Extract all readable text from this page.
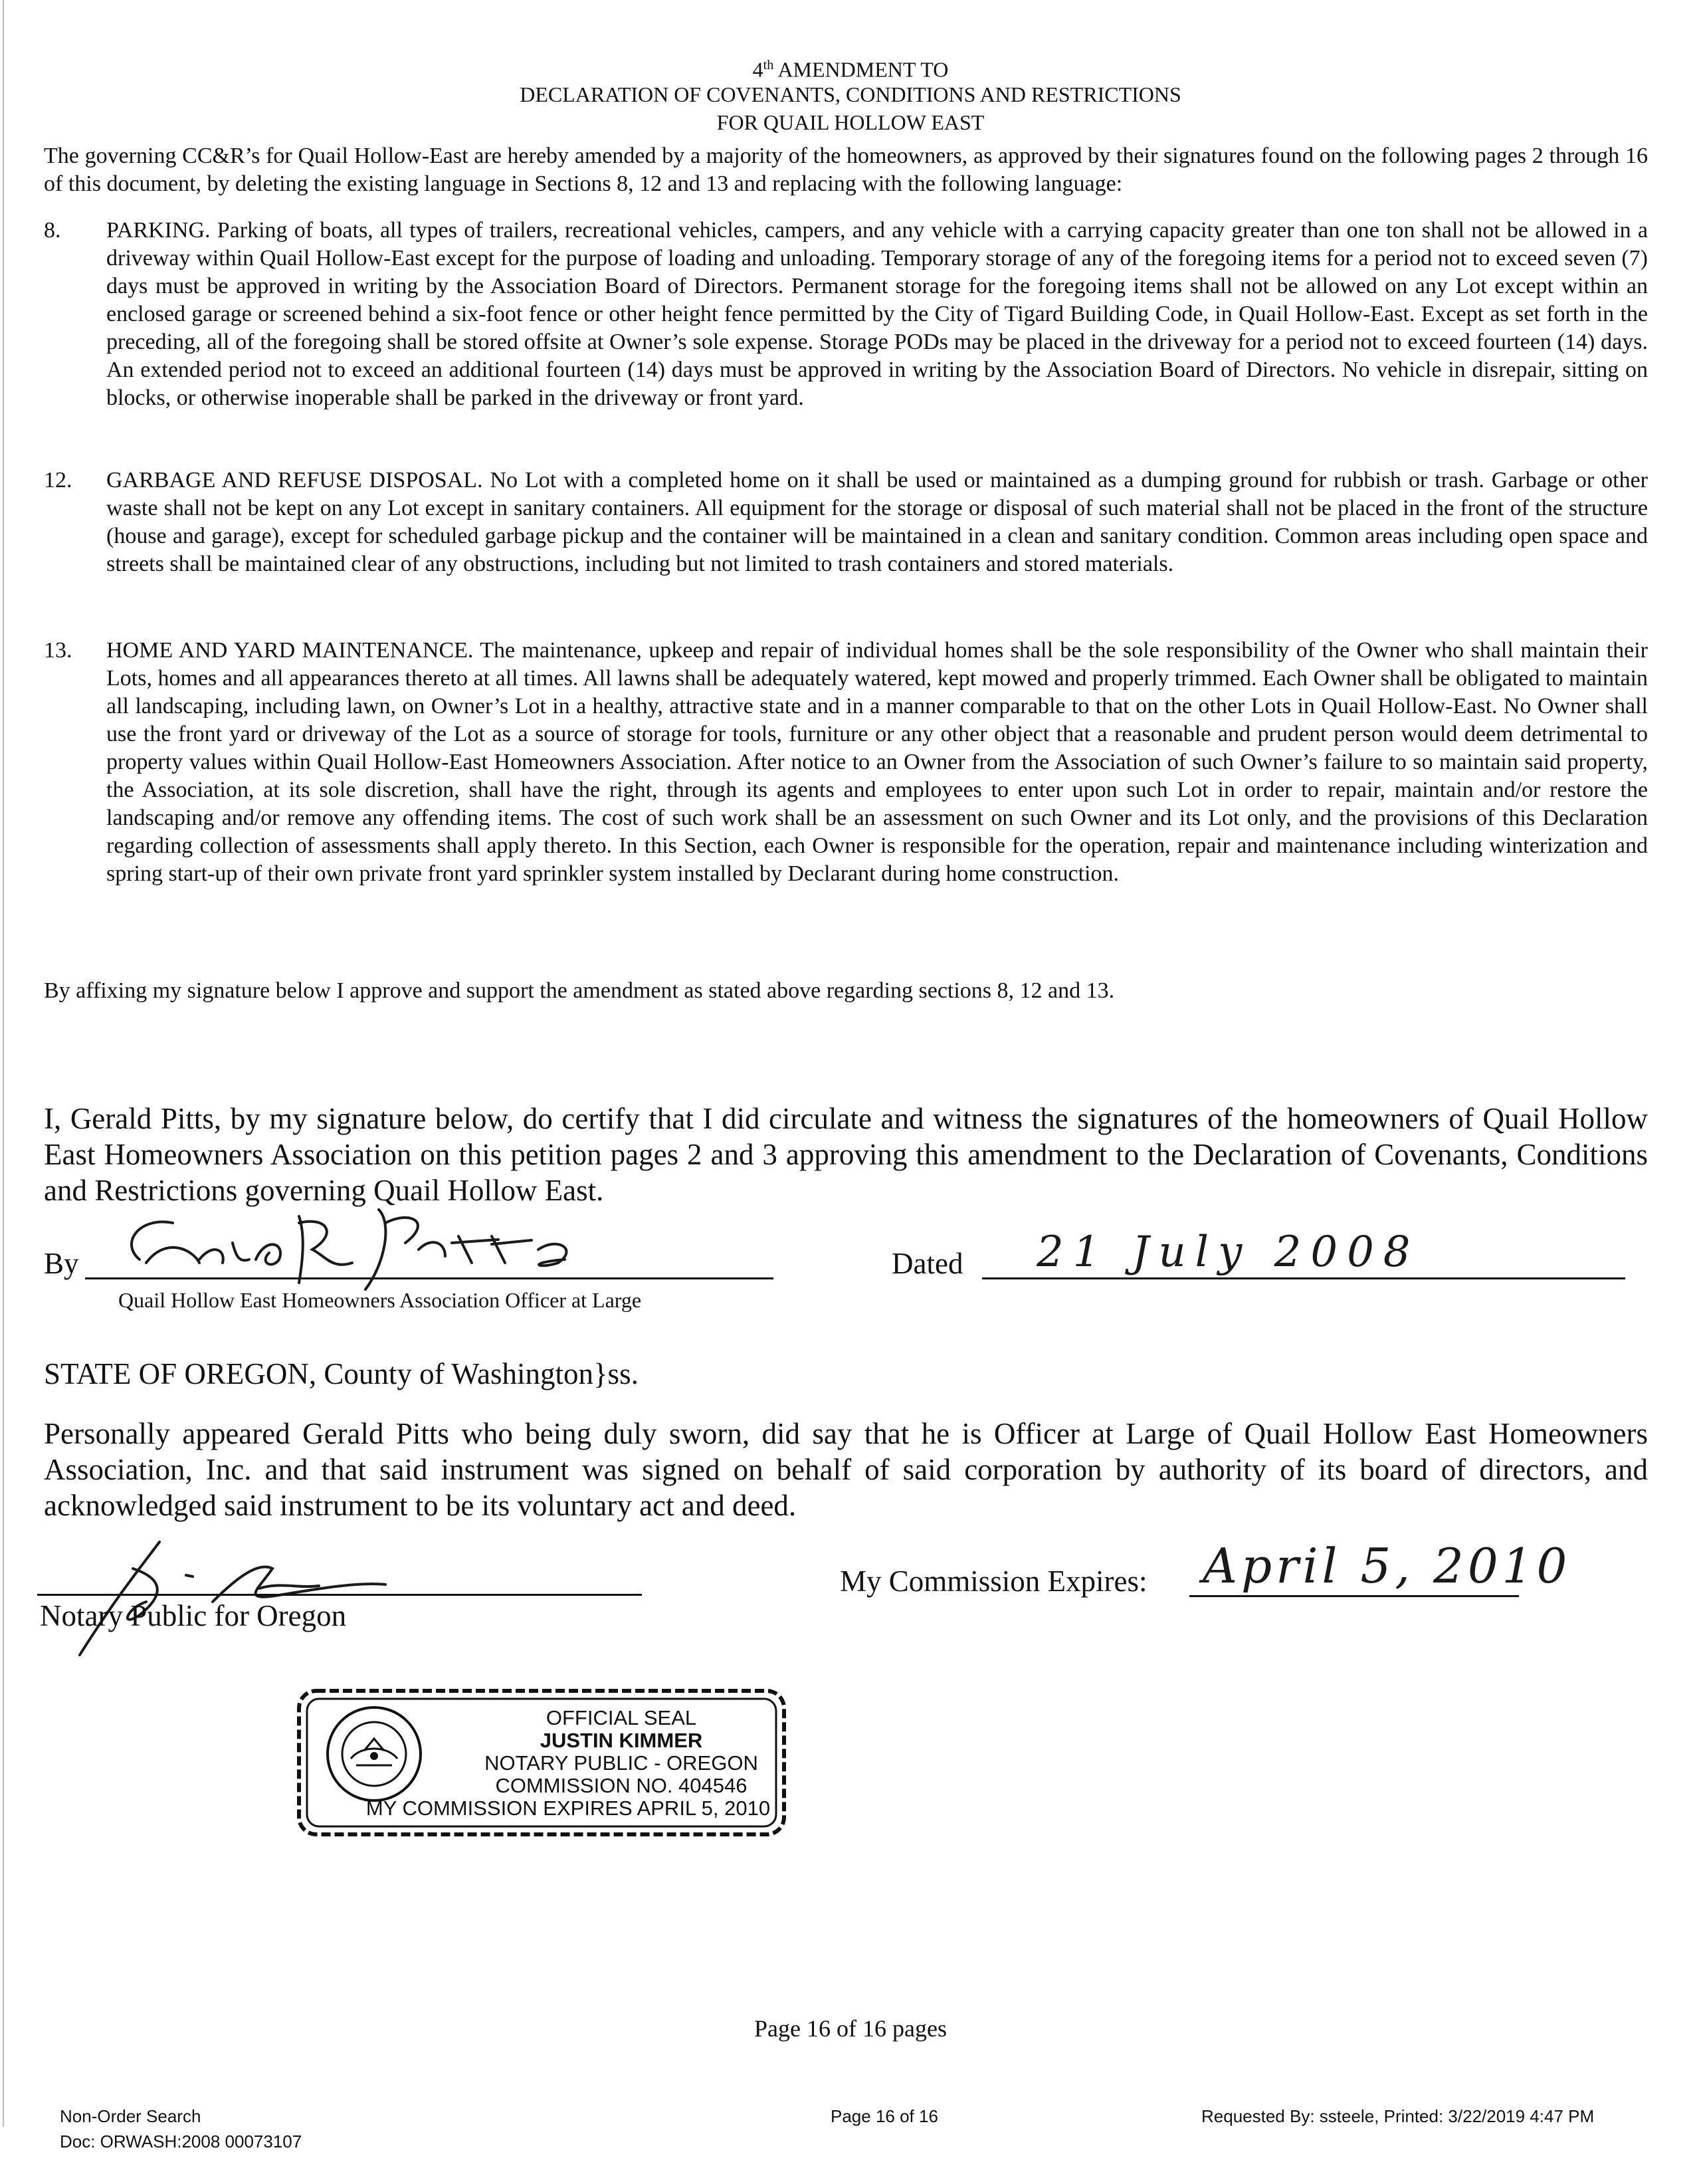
4th AMENDMENT TO
DECLARATION OF COVENANTS, CONDITIONS AND RESTRICTIONS
FOR QUAIL HOLLOW EAST
The governing CC&R’s for Quail Hollow-East are hereby amended by a majority of the homeowners, as approved by their signatures found on the following pages 2 through 16 of this document, by deleting the existing language in Sections 8, 12 and 13 and replacing with the following language:
8. PARKING. Parking of boats, all types of trailers, recreational vehicles, campers, and any vehicle with a carrying capacity greater than one ton shall not be allowed in a driveway within Quail Hollow-East except for the purpose of loading and unloading. Temporary storage of any of the foregoing items for a period not to exceed seven (7) days must be approved in writing by the Association Board of Directors. Permanent storage for the foregoing items shall not be allowed on any Lot except within an enclosed garage or screened behind a six-foot fence or other height fence permitted by the City of Tigard Building Code, in Quail Hollow-East. Except as set forth in the preceding, all of the foregoing shall be stored offsite at Owner’s sole expense. Storage PODs may be placed in the driveway for a period not to exceed fourteen (14) days. An extended period not to exceed an additional fourteen (14) days must be approved in writing by the Association Board of Directors. No vehicle in disrepair, sitting on blocks, or otherwise inoperable shall be parked in the driveway or front yard.
12. GARBAGE AND REFUSE DISPOSAL. No Lot with a completed home on it shall be used or maintained as a dumping ground for rubbish or trash. Garbage or other waste shall not be kept on any Lot except in sanitary containers. All equipment for the storage or disposal of such material shall not be placed in the front of the structure (house and garage), except for scheduled garbage pickup and the container will be maintained in a clean and sanitary condition. Common areas including open space and streets shall be maintained clear of any obstructions, including but not limited to trash containers and stored materials.
13. HOME AND YARD MAINTENANCE. The maintenance, upkeep and repair of individual homes shall be the sole responsibility of the Owner who shall maintain their Lots, homes and all appearances thereto at all times. All lawns shall be adequately watered, kept mowed and properly trimmed. Each Owner shall be obligated to maintain all landscaping, including lawn, on Owner’s Lot in a healthy, attractive state and in a manner comparable to that on the other Lots in Quail Hollow-East. No Owner shall use the front yard or driveway of the Lot as a source of storage for tools, furniture or any other object that a reasonable and prudent person would deem detrimental to property values within Quail Hollow-East Homeowners Association. After notice to an Owner from the Association of such Owner’s failure to so maintain said property, the Association, at its sole discretion, shall have the right, through its agents and employees to enter upon such Lot in order to repair, maintain and/or restore the landscaping and/or remove any offending items. The cost of such work shall be an assessment on such Owner and its Lot only, and the provisions of this Declaration regarding collection of assessments shall apply thereto. In this Section, each Owner is responsible for the operation, repair and maintenance including winterization and spring start-up of their own private front yard sprinkler system installed by Declarant during home construction.
By affixing my signature below I approve and support the amendment as stated above regarding sections 8, 12 and 13.
I, Gerald Pitts, by my signature below, do certify that I did circulate and witness the signatures of the homeowners of Quail Hollow East Homeowners Association on this petition pages 2 and 3 approving this amendment to the Declaration of Covenants, Conditions and Restrictions governing Quail Hollow East.
By
Quail Hollow East Homeowners Association Officer at Large
Dated 21 July 2008
STATE OF OREGON, County of Washington}ss.
Personally appeared Gerald Pitts who being duly sworn, did say that he is Officer at Large of Quail Hollow East Homeowners Association, Inc. and that said instrument was signed on behalf of said corporation by authority of its board of directors, and acknowledged said instrument to be its voluntary act and deed.
Notary Public for Oregon
My Commission Expires: April 5, 2010
OFFICIAL SEAL
JUSTIN KIMMER
NOTARY PUBLIC - OREGON
COMMISSION NO. 404546
MY COMMISSION EXPIRES APRIL 5, 2010
Page 16 of 16 pages
Non-Order Search
Doc: ORWASH:2008 00073107
Page 16 of 16	Requested By: ssteele, Printed: 3/22/2019 4:47 PM
